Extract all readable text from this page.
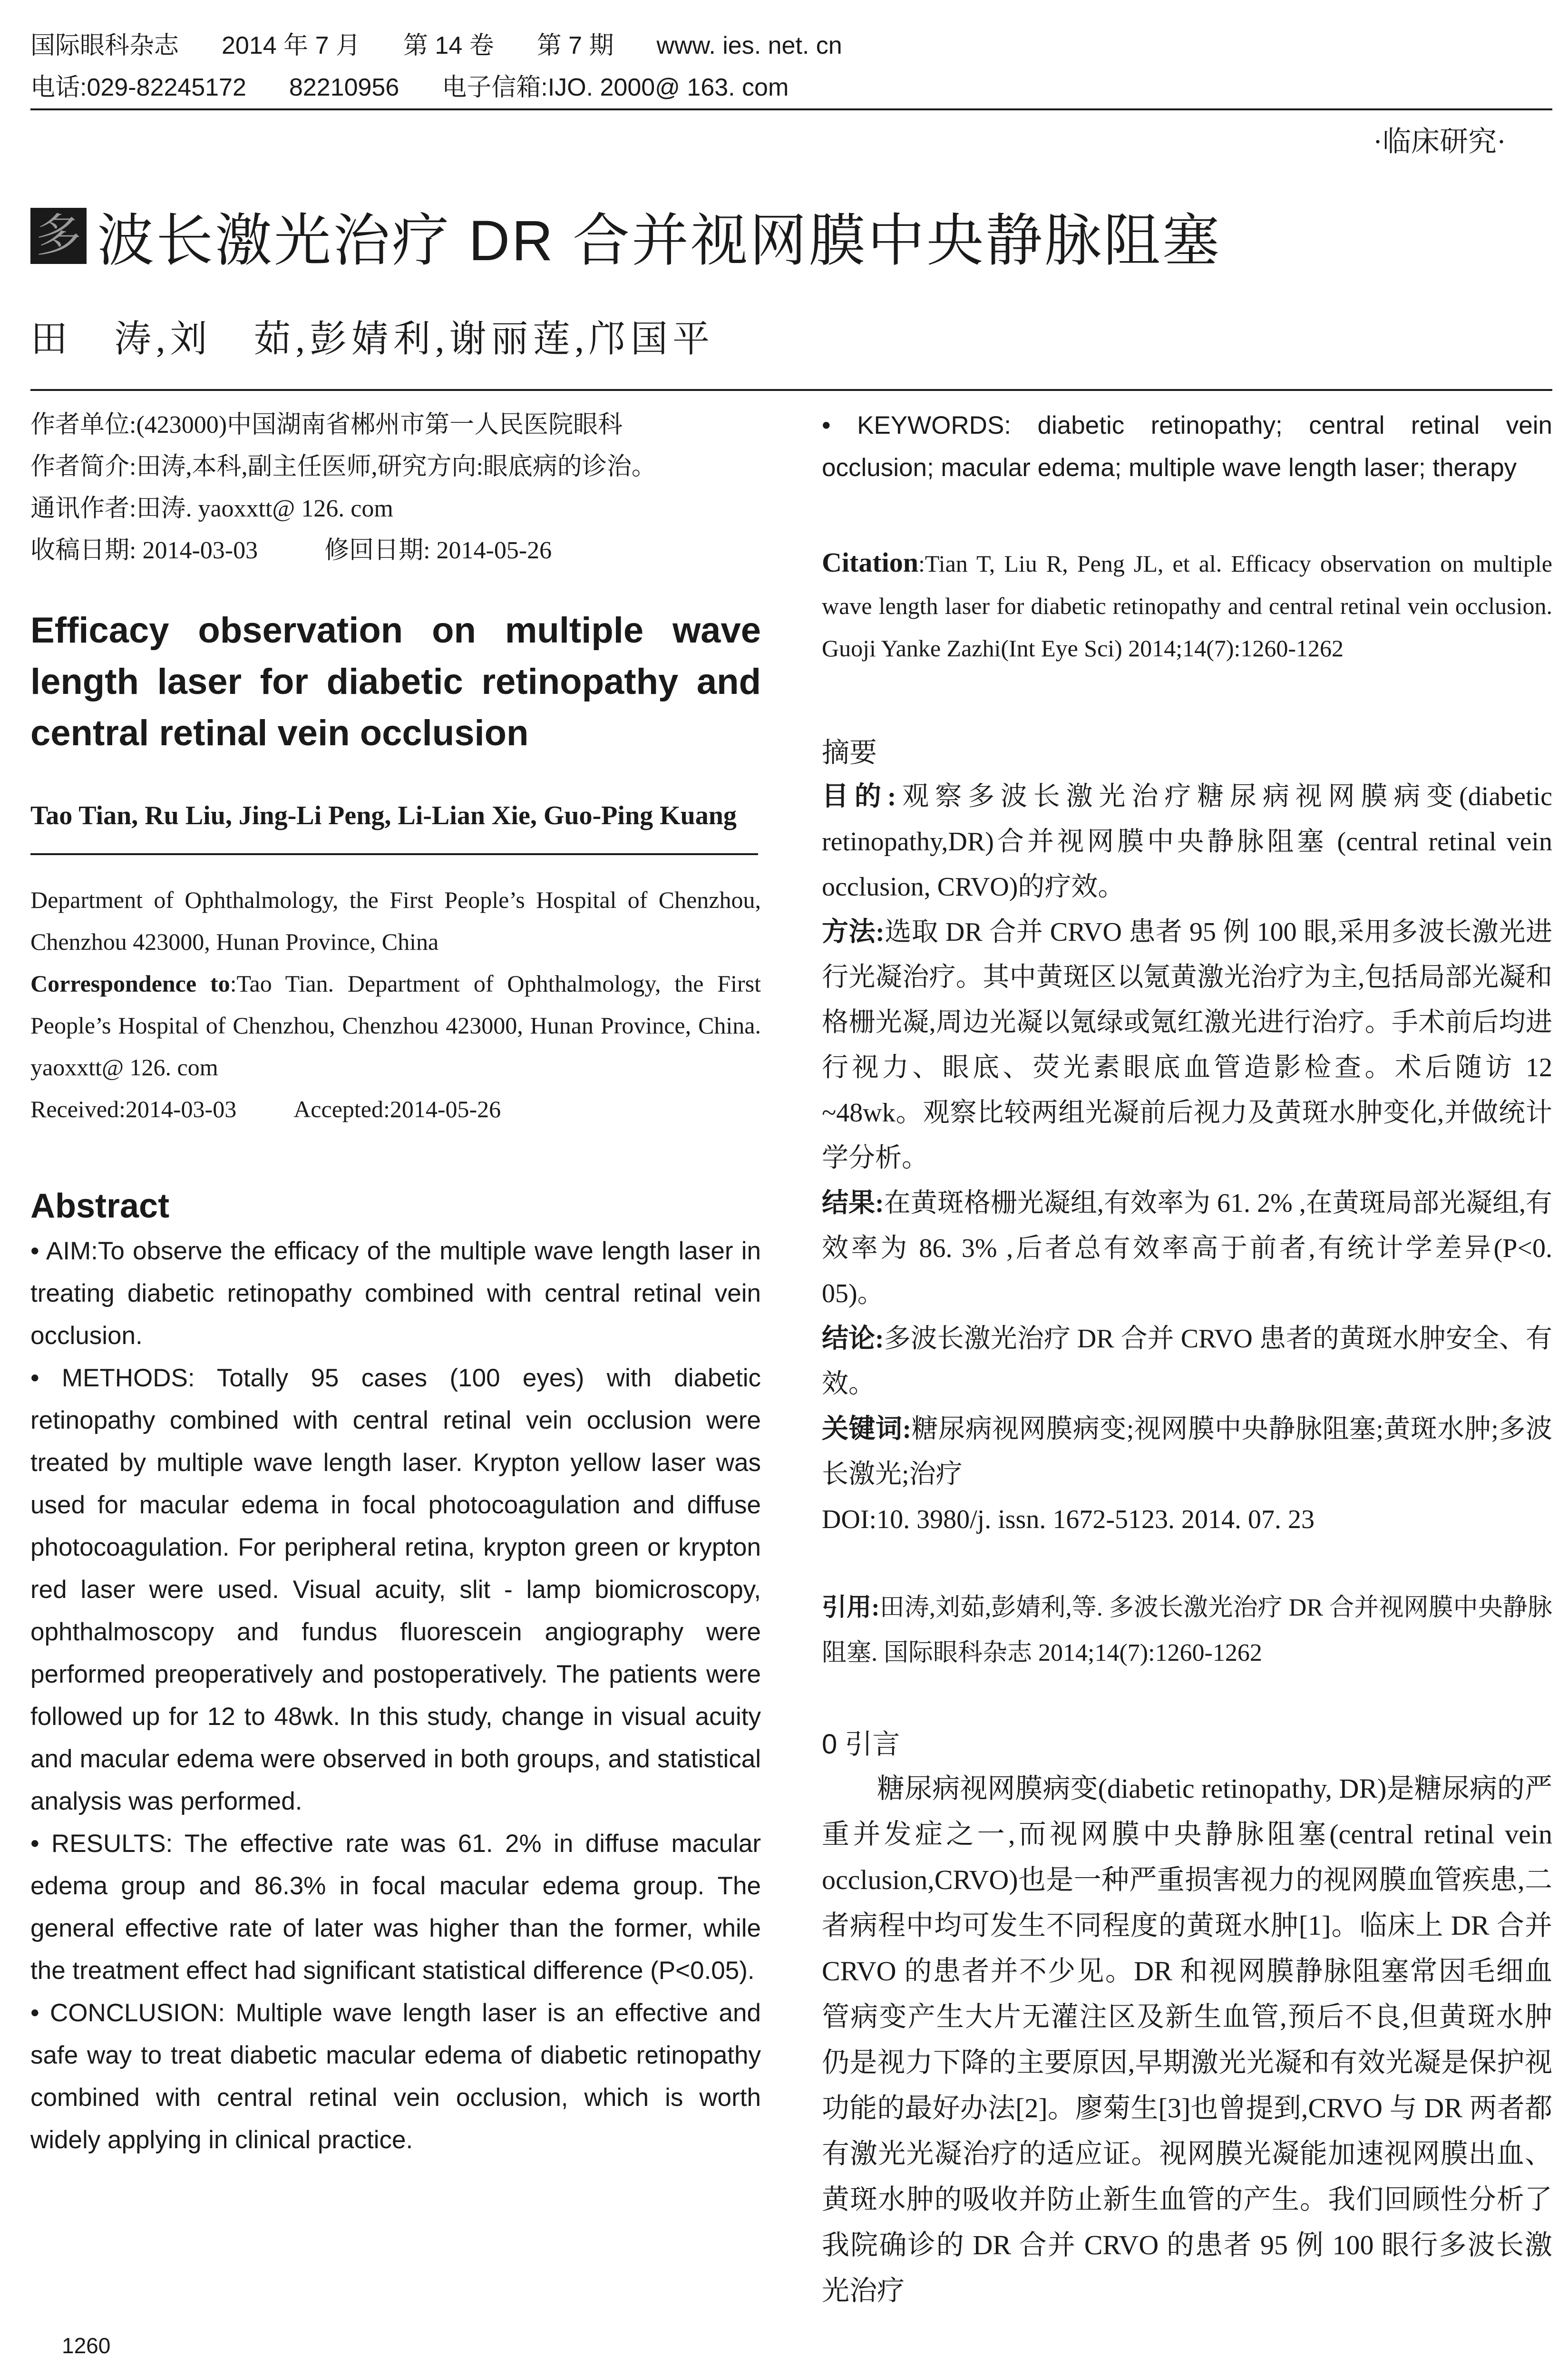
国际眼科杂志 2014 年 7 月 第 14 卷 第 7 期 www. ies. net. cn
电话:029-82245172 82210956 电子信箱:IJO. 2000@ 163. com
·临床研究·
多 波长激光治疗 DR 合并视网膜中央静脉阻塞
田　涛,刘　茹,彭婧利,谢丽莲,邝国平
作者单位:(423000)中国湖南省郴州市第一人民医院眼科
作者简介:田涛,本科,副主任医师,研究方向:眼底病的诊治。
通讯作者:田涛. yaoxxtt@ 126. com
收稿日期: 2014-03-03	修回日期: 2014-05-26
Efficacy observation on multiple wave length laser for diabetic retinopathy and central retinal vein occlusion
Tao Tian, Ru Liu, Jing-Li Peng, Li-Lian Xie, Guo-Ping Kuang
Department of Ophthalmology, the First People’s Hospital of Chenzhou, Chenzhou 423000, Hunan Province, China
Correspondence to:Tao Tian. Department of Ophthalmology, the First People’s Hospital of Chenzhou, Chenzhou 423000, Hunan Province, China. yaoxxtt@ 126. com
Received:2014-03-03 Accepted:2014-05-26
Abstract

• AIM:To observe the efficacy of the multiple wave length laser in treating diabetic retinopathy combined with central retinal vein occlusion.

• METHODS: Totally 95 cases (100 eyes) with diabetic retinopathy combined with central retinal vein occlusion were treated by multiple wave length laser. Krypton yellow laser was used for macular edema in focal photocoagulation and diffuse photocoagulation. For peripheral retina, krypton green or krypton red laser were used. Visual acuity, slit - lamp biomicroscopy, ophthalmoscopy and fundus fluorescein angiography were performed preoperatively and postoperatively. The patients were followed up for 12 to 48wk. In this study, change in visual acuity and macular edema were observed in both groups, and statistical analysis was performed.

• RESULTS: The effective rate was 61. 2% in diffuse macular edema group and 86.3% in focal macular edema group. The general effective rate of later was higher than the former, while the treatment effect had significant statistical difference (P<0.05).

• CONCLUSION: Multiple wave length laser is an effective and safe way to treat diabetic macular edema of diabetic retinopathy combined with central retinal vein occlusion, which is worth widely applying in clinical practice.

1260
• KEYWORDS: diabetic retinopathy; central retinal vein occlusion; macular edema; multiple wave length laser; therapy
Citation:Tian T, Liu R, Peng JL, et al. Efficacy observation on multiple wave length laser for diabetic retinopathy and central retinal vein occlusion. Guoji Yanke Zazhi(Int Eye Sci) 2014;14(7):1260-1262
摘要

目的:观察多波长激光治疗糖尿病视网膜病变(diabetic retinopathy,DR)合并视网膜中央静脉阻塞 (central retinal vein occlusion, CRVO)的疗效。

方法:选取 DR 合并 CRVO 患者 95 例 100 眼,采用多波长激光进行光凝治疗。其中黄斑区以氪黄激光治疗为主,包括局部光凝和格栅光凝,周边光凝以氪绿或氪红激光进行治疗。手术前后均进行视力、眼底、荧光素眼底血管造影检查。术后随访 12 ~48wk。观察比较两组光凝前后视力及黄斑水肿变化,并做统计学分析。

结果:在黄斑格栅光凝组,有效率为 61. 2% ,在黄斑局部光凝组,有效率为 86. 3% ,后者总有效率高于前者,有统计学差异(P<0. 05)。

结论:多波长激光治疗 DR 合并 CRVO 患者的黄斑水肿安全、有效。

关键词:糖尿病视网膜病变;视网膜中央静脉阻塞;黄斑水肿;多波长激光;治疗

DOI:10. 3980/j. issn. 1672-5123. 2014. 07. 23

引用:田涛,刘茹,彭婧利,等. 多波长激光治疗 DR 合并视网膜中央静脉阻塞. 国际眼科杂志 2014;14(7):1260-1262
0 引言

糖尿病视网膜病变(diabetic retinopathy, DR)是糖尿病的严重并发症之一,而视网膜中央静脉阻塞(central retinal vein occlusion,CRVO)也是一种严重损害视力的视网膜血管疾患,二者病程中均可发生不同程度的黄斑水肿[1]。临床上 DR 合并 CRVO 的患者并不少见。DR 和视网膜静脉阻塞常因毛细血管病变产生大片无灌注区及新生血管,预后不良,但黄斑水肿仍是视力下降的主要原因,早期激光光凝和有效光凝是保护视功能的最好办法[2]。廖菊生[3]也曾提到,CRVO 与 DR 两者都有激光光凝治疗的适应证。视网膜光凝能加速视网膜出血、黄斑水肿的吸收并防止新生血管的产生。我们回顾性分析了我院确诊的 DR 合并 CRVO 的患者 95 例 100 眼行多波长激光治疗
